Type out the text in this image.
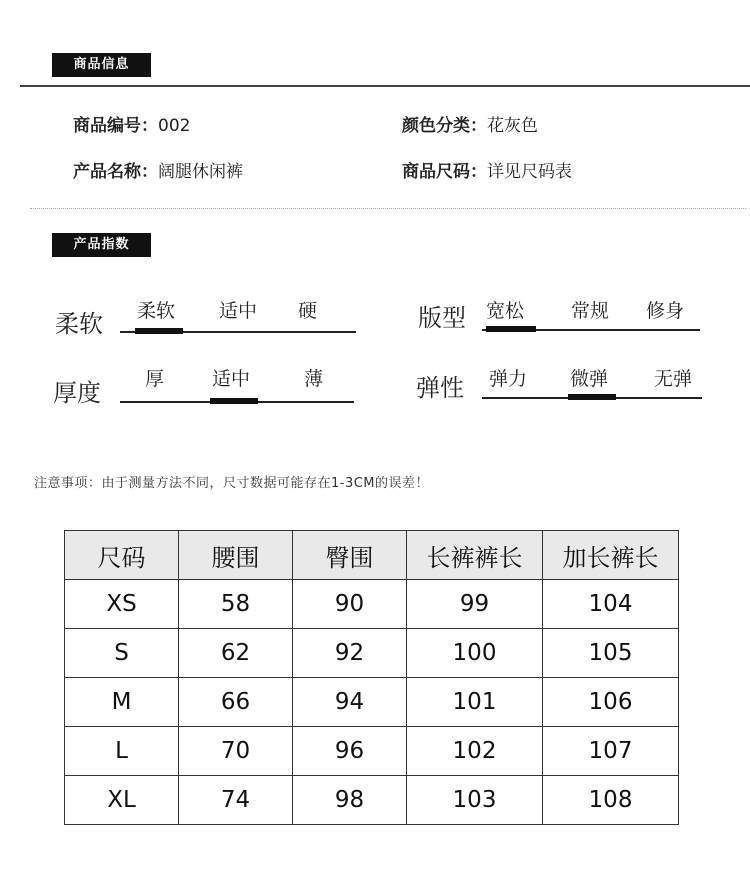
商品信息
商品编号：002	颜色分类：花灰色
产品名称：阔腿休闲裤	商品尺码：详见尺码表
产品指数
柔软 柔软 适中 硬	版型 宽松 常规 修身
厚度 厚	适中	薄	弹性 弹力 微弹 无弹
注意事项：由于测量方法不同，尺寸数据可能存在1-3CM的误差！
尺码	腰围	臀围	长裤裤长	加长裤长
XS	58	90	99	104
S	62	92	100	105
M	66	94	101	106
L	70	96	102	107
XL	74	98	103	108
